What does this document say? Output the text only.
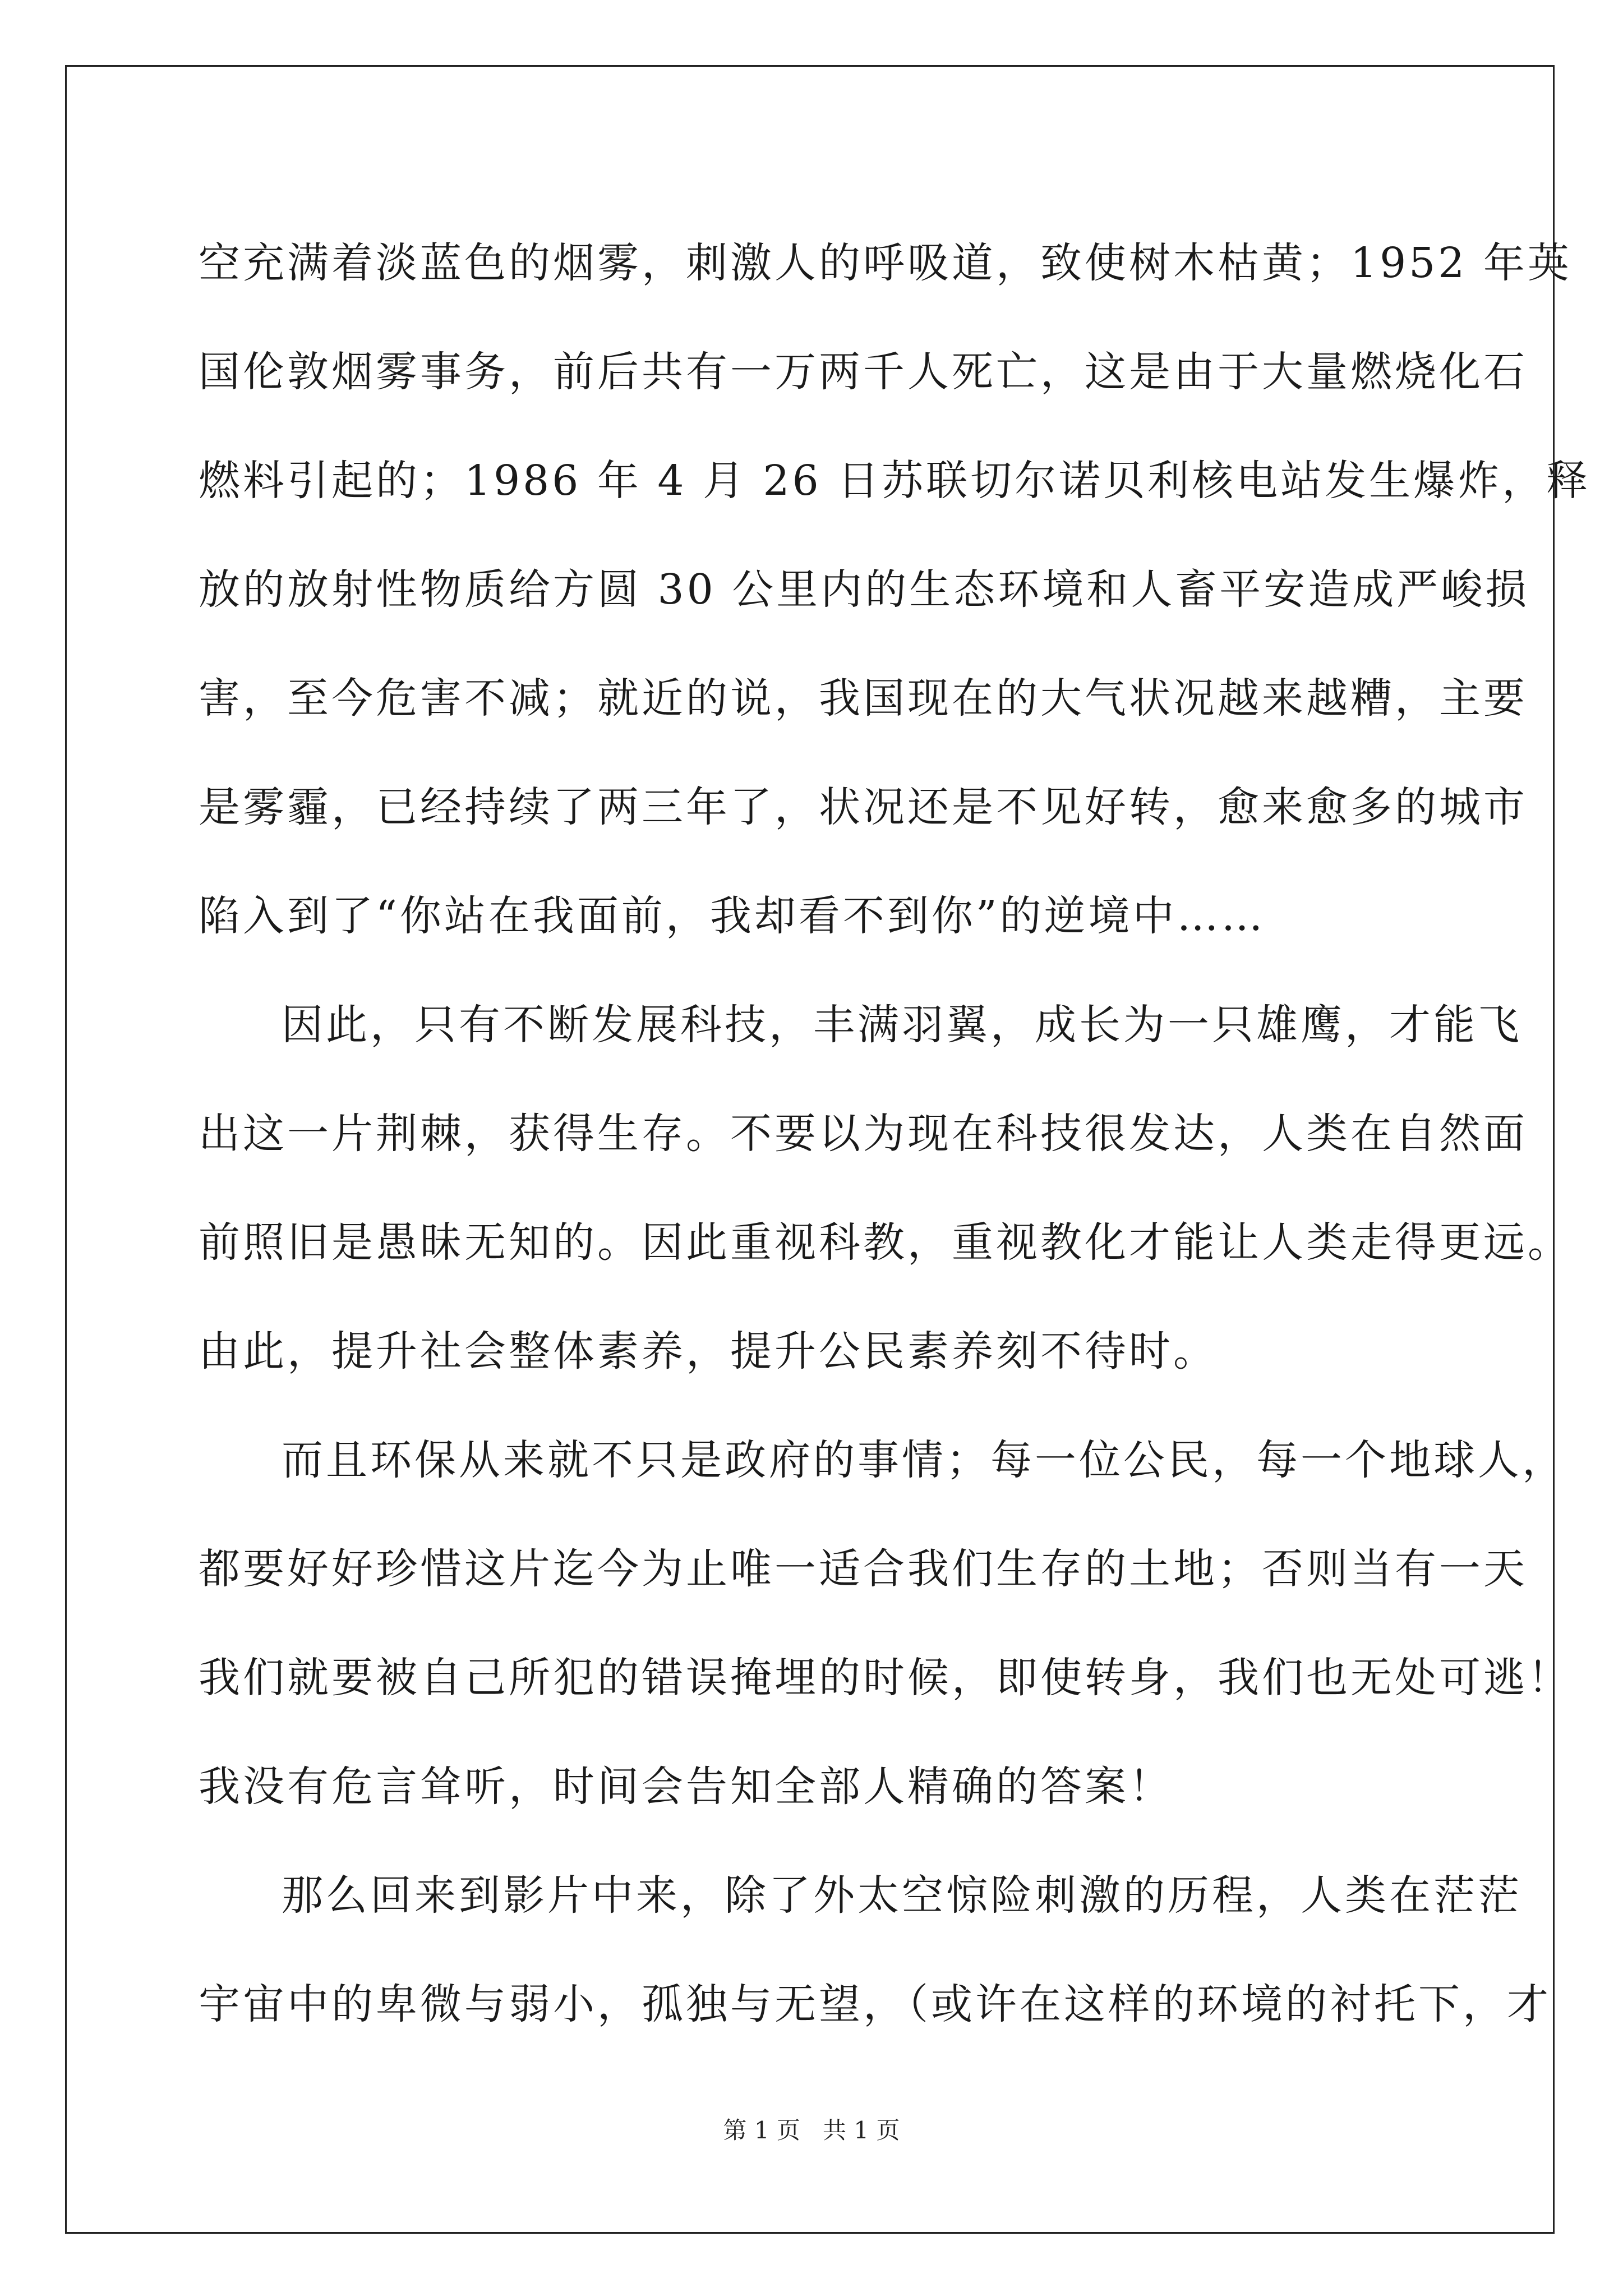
空充满着淡蓝色的烟雾，刺激人的呼吸道，致使树木枯黄；1952 年英
国伦敦烟雾事务，前后共有一万两千人死亡，这是由于大量燃烧化石
燃料引起的；1986 年 4 月 26 日苏联切尔诺贝利核电站发生爆炸，释
放的放射性物质给方圆 30 公里内的生态环境和人畜平安造成严峻损
害，至今危害不减；就近的说，我国现在的大气状况越来越糟，主要
是雾霾，已经持续了两三年了，状况还是不见好转，愈来愈多的城市
陷入到了“你站在我面前，我却看不到你”的逆境中……
因此，只有不断发展科技，丰满羽翼，成长为一只雄鹰，才能飞
出这一片荆棘，获得生存。不要以为现在科技很发达，人类在自然面
前照旧是愚昧无知的。因此重视科教，重视教化才能让人类走得更远。
由此，提升社会整体素养，提升公民素养刻不待时。
而且环保从来就不只是政府的事情；每一位公民，每一个地球人，
都要好好珍惜这片迄今为止唯一适合我们生存的土地；否则当有一天
我们就要被自己所犯的错误掩埋的时候，即使转身，我们也无处可逃！
我没有危言耸听，时间会告知全部人精确的答案！
那么回来到影片中来，除了外太空惊险刺激的历程，人类在茫茫
宇宙中的卑微与弱小，孤独与无望，（或许在这样的环境的衬托下，才
第 1 页   共 1 页
